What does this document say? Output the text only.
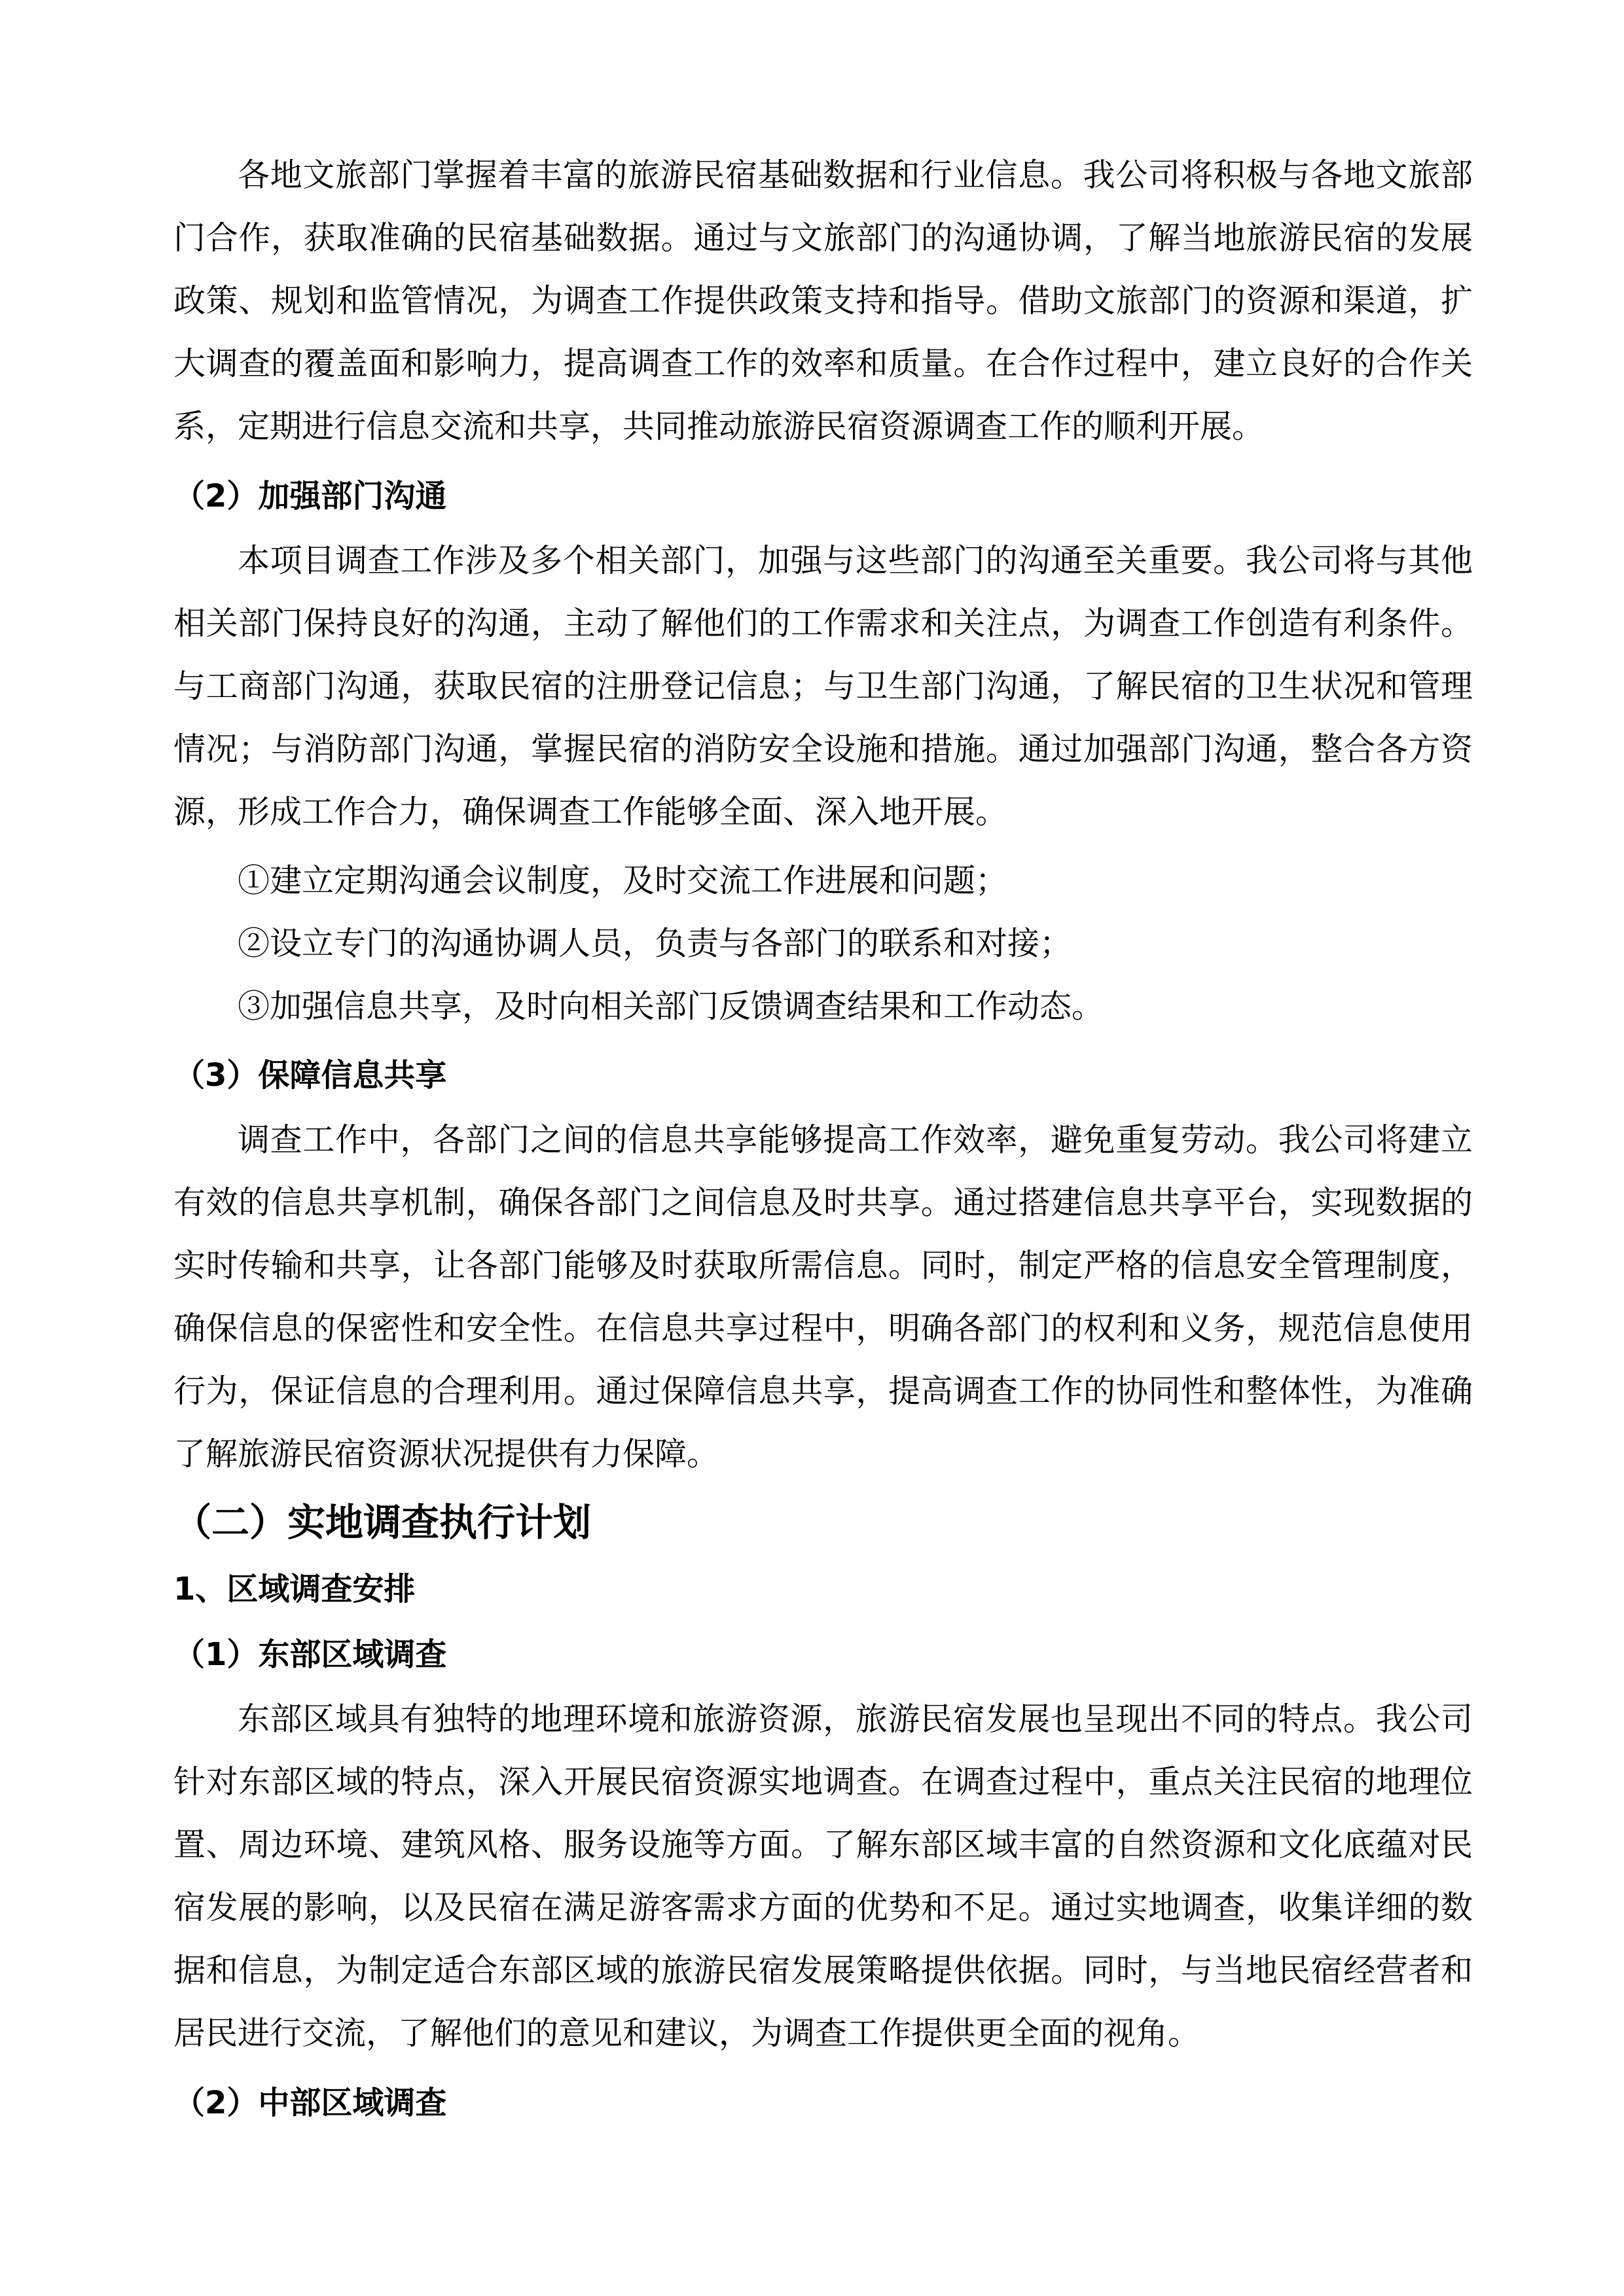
各地文旅部门掌握着丰富的旅游民宿基础数据和行业信息。我公司将积极与各地文旅部
门合作，获取准确的民宿基础数据。通过与文旅部门的沟通协调，了解当地旅游民宿的发展
政策、规划和监管情况，为调查工作提供政策支持和指导。借助文旅部门的资源和渠道，扩
大调查的覆盖面和影响力，提高调查工作的效率和质量。在合作过程中，建立良好的合作关
系，定期进行信息交流和共享，共同推动旅游民宿资源调查工作的顺利开展。
（2）加强部门沟通
本项目调查工作涉及多个相关部门，加强与这些部门的沟通至关重要。我公司将与其他
相关部门保持良好的沟通，主动了解他们的工作需求和关注点，为调查工作创造有利条件。
与工商部门沟通，获取民宿的注册登记信息；与卫生部门沟通，了解民宿的卫生状况和管理
情况；与消防部门沟通，掌握民宿的消防安全设施和措施。通过加强部门沟通，整合各方资
源，形成工作合力，确保调查工作能够全面、深入地开展。
①建立定期沟通会议制度，及时交流工作进展和问题；
②设立专门的沟通协调人员，负责与各部门的联系和对接；
③加强信息共享，及时向相关部门反馈调查结果和工作动态。
（3）保障信息共享
调查工作中，各部门之间的信息共享能够提高工作效率，避免重复劳动。我公司将建立
有效的信息共享机制，确保各部门之间信息及时共享。通过搭建信息共享平台，实现数据的
实时传输和共享，让各部门能够及时获取所需信息。同时，制定严格的信息安全管理制度，
确保信息的保密性和安全性。在信息共享过程中，明确各部门的权利和义务，规范信息使用
行为，保证信息的合理利用。通过保障信息共享，提高调查工作的协同性和整体性，为准确
了解旅游民宿资源状况提供有力保障。
（二）实地调查执行计划
1、区域调查安排
（1）东部区域调查
东部区域具有独特的地理环境和旅游资源，旅游民宿发展也呈现出不同的特点。我公司
针对东部区域的特点，深入开展民宿资源实地调查。在调查过程中，重点关注民宿的地理位
置、周边环境、建筑风格、服务设施等方面。了解东部区域丰富的自然资源和文化底蕴对民
宿发展的影响，以及民宿在满足游客需求方面的优势和不足。通过实地调查，收集详细的数
据和信息，为制定适合东部区域的旅游民宿发展策略提供依据。同时，与当地民宿经营者和
居民进行交流，了解他们的意见和建议，为调查工作提供更全面的视角。
（2）中部区域调查
